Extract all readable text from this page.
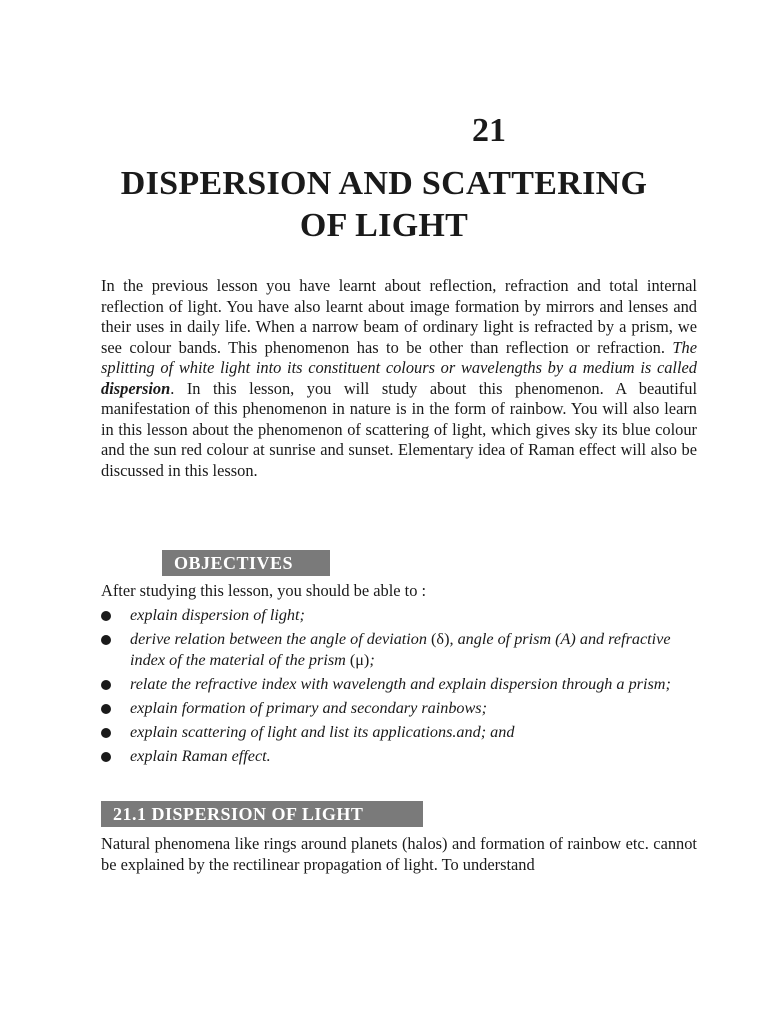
21
DISPERSION AND SCATTERING
OF LIGHT

In the previous lesson you have learnt about reflection, refraction and total internal reflection of light. You have also learnt about image formation by mirrors and lenses and their uses in daily life. When a narrow beam of ordinary light is refracted by a prism, we see colour bands. This phenomenon has to be other than reflection or refraction. The splitting of white light into its constituent colours or wavelengths by a medium is called dispersion. In this lesson, you will study about this phenomenon. A beautiful manifestation of this phenomenon in nature is in the form of rainbow. You will also learn in this lesson about the phenomenon of scattering of light, which gives sky its blue colour and the sun red colour at sunrise and sunset. Elementary idea of Raman effect will also be discussed in this lesson.

OBJECTIVES

After studying this lesson, you should be able to :

explain dispersion of light;
derive relation between the angle of deviation (δ), angle of prism (A) and refractive index of the material of the prism (μ);
relate the refractive index with wavelength and explain dispersion through a prism;
explain formation of primary and secondary rainbows;
explain scattering of light and list its applications.and; and
explain Raman effect.
21.1 DISPERSION OF LIGHT

Natural phenomena like rings around planets (halos) and formation of rainbow etc. cannot be explained by the rectilinear propagation of light. To understand
